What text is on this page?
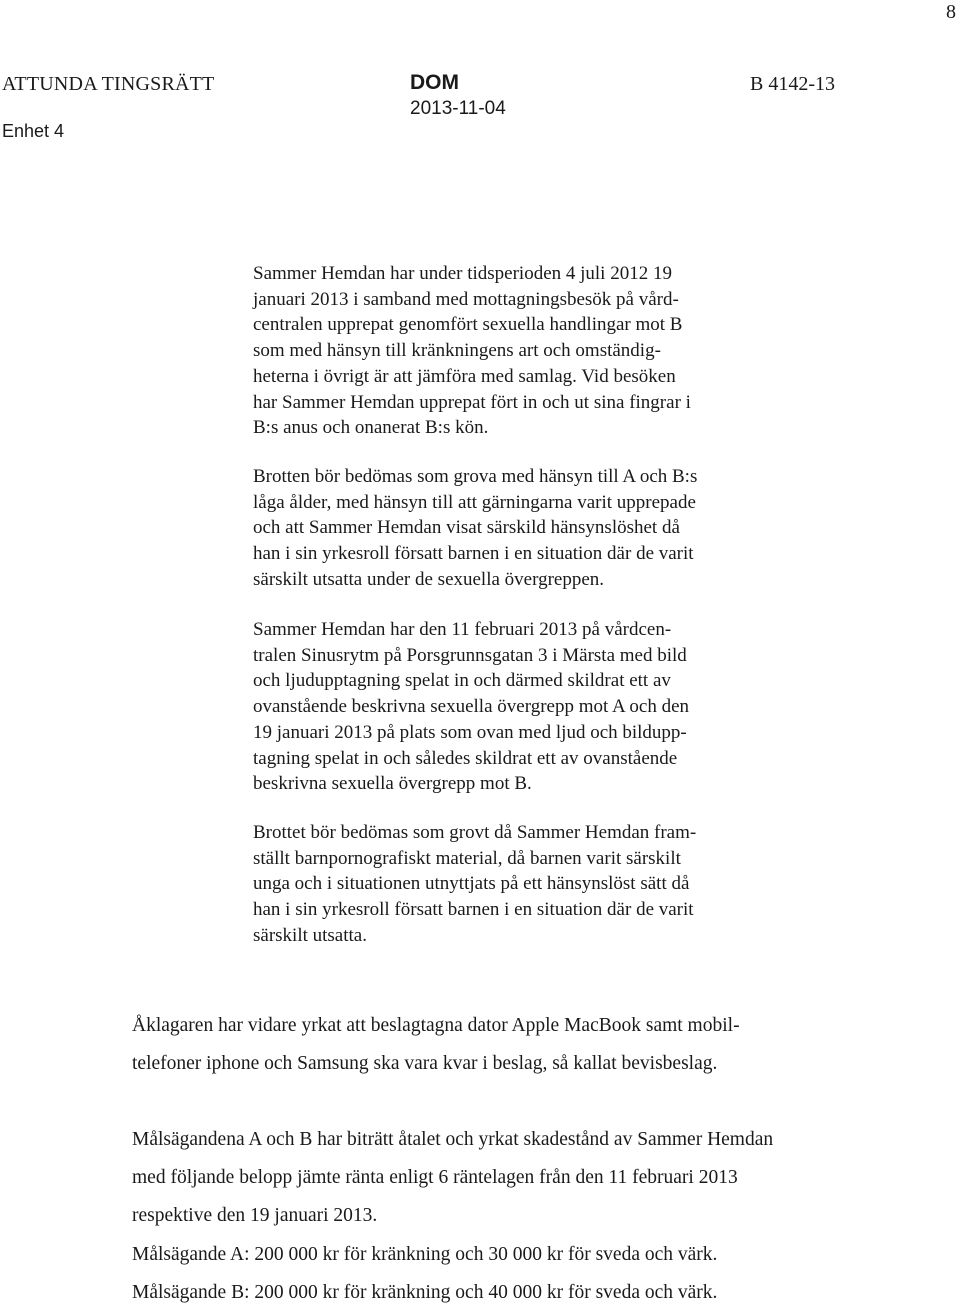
8
ATTUNDA TINGSRÄTT
Enhet 4
DOM
2013-11-04
B 4142-13

Sammer Hemdan har under tidsperioden 4 juli 2012 19
januari 2013 i samband med mottagningsbesök på vård-
centralen upprepat genomfört sexuella handlingar mot B
som med hänsyn till kränkningens art och omständig-
heterna i övrigt är att jämföra med samlag. Vid besöken
har Sammer Hemdan upprepat fört in och ut sina fingrar i
B:s anus och onanerat B:s kön.

Brotten bör bedömas som grova med hänsyn till A och B:s
låga ålder, med hänsyn till att gärningarna varit upprepade
och att Sammer Hemdan visat särskild hänsynslöshet då
han i sin yrkesroll försatt barnen i en situation där de varit
särskilt utsatta under de sexuella övergreppen.

Sammer Hemdan har den 11 februari 2013 på vårdcen-
tralen Sinusrytm på Porsgrunnsgatan 3 i Märsta med bild
och ljudupptagning spelat in och därmed skildrat ett av
ovanstående beskrivna sexuella övergrepp mot A och den
19 januari 2013 på plats som ovan med ljud och bildupp-
tagning spelat in och således skildrat ett av ovanstående
beskrivna sexuella övergrepp mot B.

Brottet bör bedömas som grovt då Sammer Hemdan fram-
ställt barnpornografiskt material, då barnen varit särskilt
unga och i situationen utnyttjats på ett hänsynslöst sätt då
han i sin yrkesroll försatt barnen i en situation där de varit
särskilt utsatta.

Åklagaren har vidare yrkat att beslagtagna dator Apple MacBook samt mobil-
telefoner iphone och Samsung ska vara kvar i beslag, så kallat bevisbeslag.

Målsägandena A och B har biträtt åtalet och yrkat skadestånd av Sammer Hemdan
med följande belopp jämte ränta enligt 6 räntelagen från den 11 februari 2013
respektive den 19 januari 2013.

Målsägande A: 200 000 kr för kränkning och 30 000 kr för sveda och värk.

Målsägande B: 200 000 kr för kränkning och 40 000 kr för sveda och värk.
